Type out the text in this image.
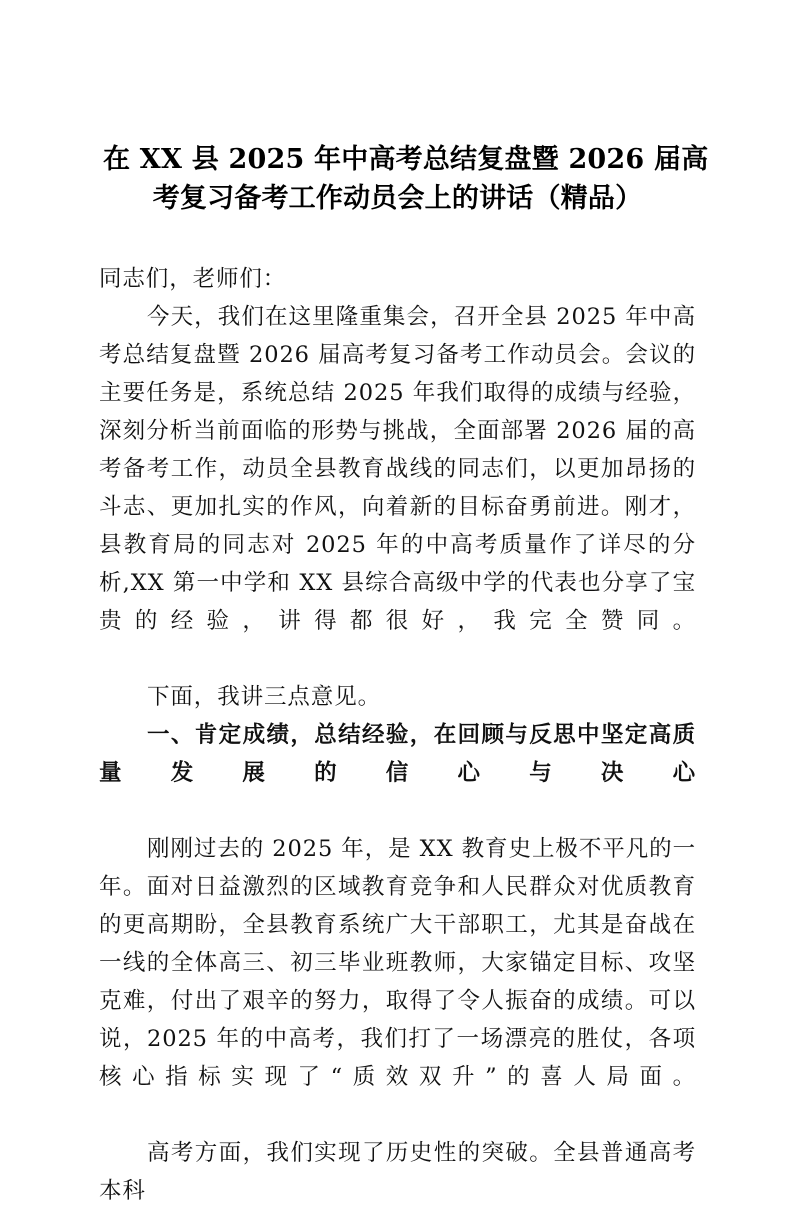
在 XX 县 2025 年中高考总结复盘暨 2026 届高
考复习备考工作动员会上的讲话（精品）

同志们，老师们：

今天，我们在这里隆重集会，召开全县 2025 年中高考总结复盘暨 2026 届高考复习备考工作动员会。会议的主要任务是，系统总结 2025 年我们取得的成绩与经验，深刻分析当前面临的形势与挑战，全面部署 2026 届的高考备考工作，动员全县教育战线的同志们，以更加昂扬的斗志、更加扎实的作风，向着新的目标奋勇前进。刚才，县教育局的同志对 2025 年的中高考质量作了详尽的分析,XX 第一中学和 XX 县综合高级中学的代表也分享了宝贵的经验，讲得都很好，我完全赞同。

下面，我讲三点意见。

一、肯定成绩，总结经验，在回顾与反思中坚定高质量发展的信心与决心

刚刚过去的 2025 年，是 XX 教育史上极不平凡的一年。面对日益激烈的区域教育竞争和人民群众对优质教育的更高期盼，全县教育系统广大干部职工，尤其是奋战在一线的全体高三、初三毕业班教师，大家锚定目标、攻坚克难，付出了艰辛的努力，取得了令人振奋的成绩。可以说，2025 年的中高考，我们打了一场漂亮的胜仗，各项核心指标实现了“质效双升”的喜人局面。

高考方面，我们实现了历史性的突破。全县普通高考本科
